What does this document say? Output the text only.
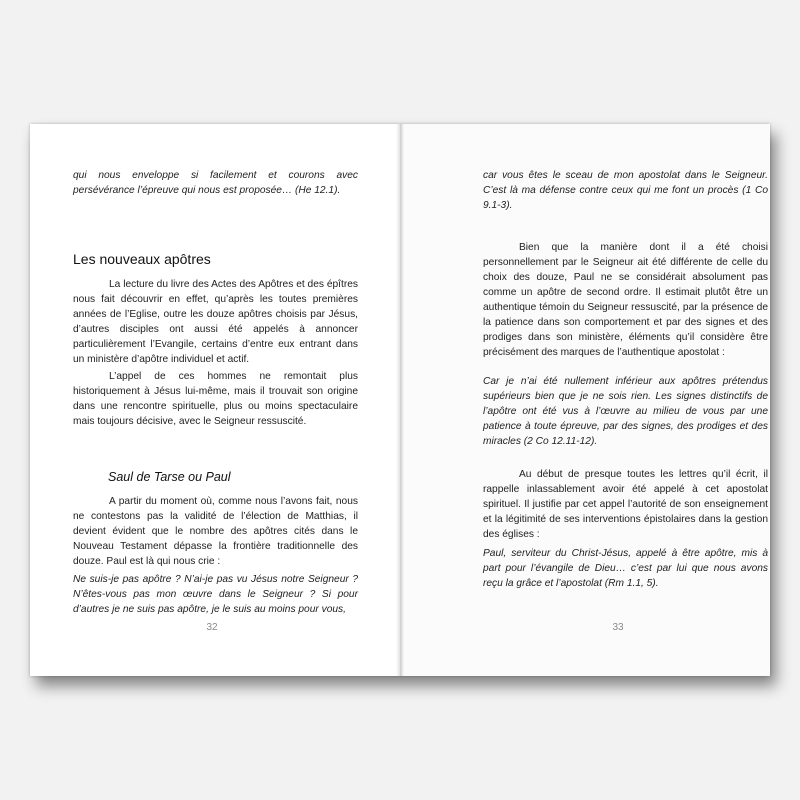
qui nous enveloppe si facilement et courons avec persévérance l’épreuve qui nous est proposée… (He 12.1).
Les nouveaux apôtres
La lecture du livre des Actes des Apôtres et des épîtres nous fait découvrir en effet, qu’après les toutes premières années de l’Eglise, outre les douze apôtres choisis par Jésus, d’autres disciples ont aussi été appelés à annoncer particulièrement l’Evangile, certains d’entre eux entrant dans un ministère d’apôtre individuel et actif.
L’appel de ces hommes ne remontait plus historiquement à Jésus lui-même, mais il trouvait son origine dans une rencontre spirituelle, plus ou moins spectaculaire mais toujours décisive, avec le Seigneur ressuscité.
Saul de Tarse ou Paul
A partir du moment où, comme nous l’avons fait, nous ne contestons pas la validité de l’élection de Matthias, il devient évident que le nombre des apôtres cités dans le Nouveau Testament dépasse la frontière traditionnelle des douze. Paul est là qui nous crie :
Ne suis-je pas apôtre ? N’ai-je pas vu Jésus notre Seigneur ? N’êtes-vous pas mon œuvre dans le Seigneur ? Si pour d’autres je ne suis pas apôtre, je le suis au moins pour vous,
32
car vous êtes le sceau de mon apostolat dans le Seigneur. C’est là ma défense contre ceux qui me font un procès (1 Co 9.1-3).
Bien que la manière dont il a été choisi personnellement par le Seigneur ait été différente de celle du choix des douze, Paul ne se considérait absolument pas comme un apôtre de second ordre. Il estimait plutôt être un authentique témoin du Seigneur ressuscité, par la présence de la patience dans son comportement et par des signes et des prodiges dans son ministère, éléments qu’il considère être précisément des marques de l’authentique apostolat :
Car je n’ai été nullement inférieur aux apôtres prétendus supérieurs bien que je ne sois rien. Les signes distinctifs de l’apôtre ont été vus à l’œuvre au milieu de vous par une patience à toute épreuve, par des signes, des prodiges et des miracles (2 Co 12.11-12).
Au début de presque toutes les lettres qu’il écrit, il rappelle inlassablement avoir été appelé à cet apostolat spirituel. Il justifie par cet appel l’autorité de son enseignement et la légitimité de ses interventions épistolaires dans la gestion des églises :
Paul, serviteur du Christ-Jésus, appelé à être apôtre, mis à part pour l’évangile de Dieu… c’est par lui que nous avons reçu la grâce et l’apostolat (Rm 1.1, 5).
33
